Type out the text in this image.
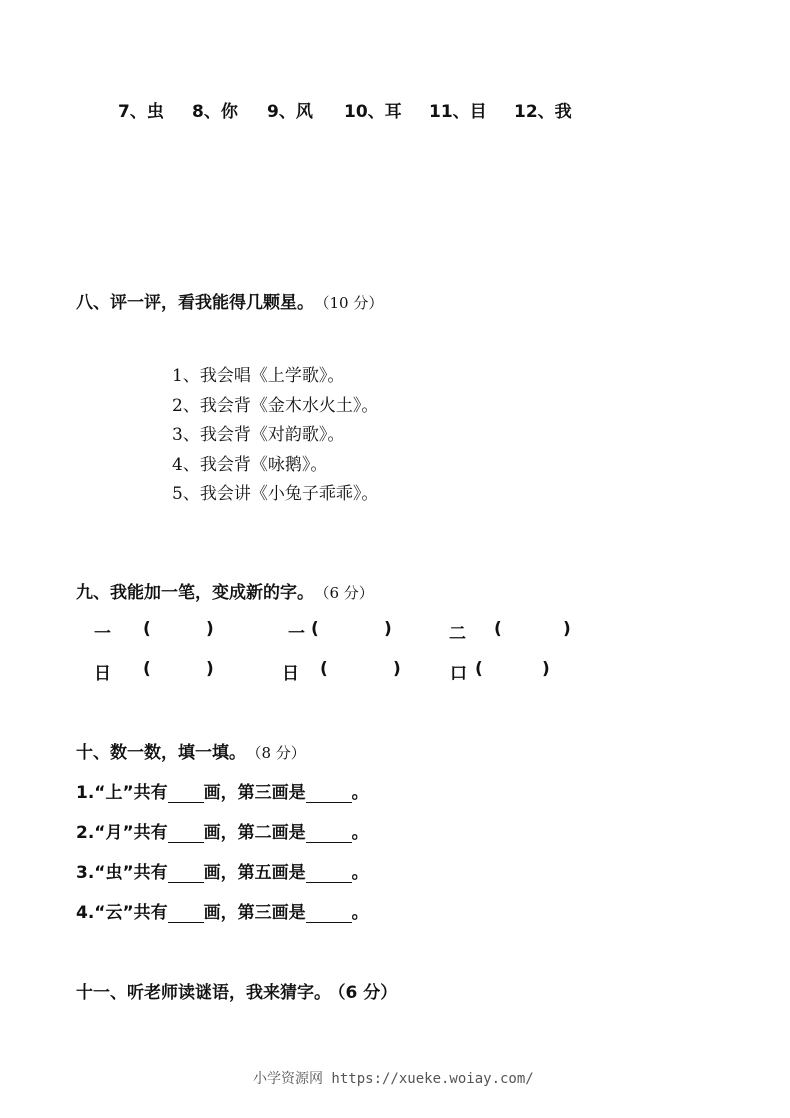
7、虫 8、你 9、风 10、耳 11、目 12、我
八、评一评，看我能得几颗星。 （10 分）
1、我会唱《上学歌》。
2、我会背《金木水火土》。
3、我会背《对韵歌》。
4、我会背《咏鹅》。
5、我会讲《小兔子乖乖》。
九、我能加一笔，变成新的字。 （6 分）
一 (	)	一 (	)	二 (	)
日 (	)	日 (	)	口 (	)
十、数一数，填一填。 （8 分）
1.“上”共有 画，第三画是	。
2.“月”共有 画，第二画是	。
3.“虫”共有 画，第五画是	。
4.“云”共有 画，第三画是	。
十一、听老师读谜语，我来猜字。 （6 分）
小学资源网 https://xueke.woiay.com/
